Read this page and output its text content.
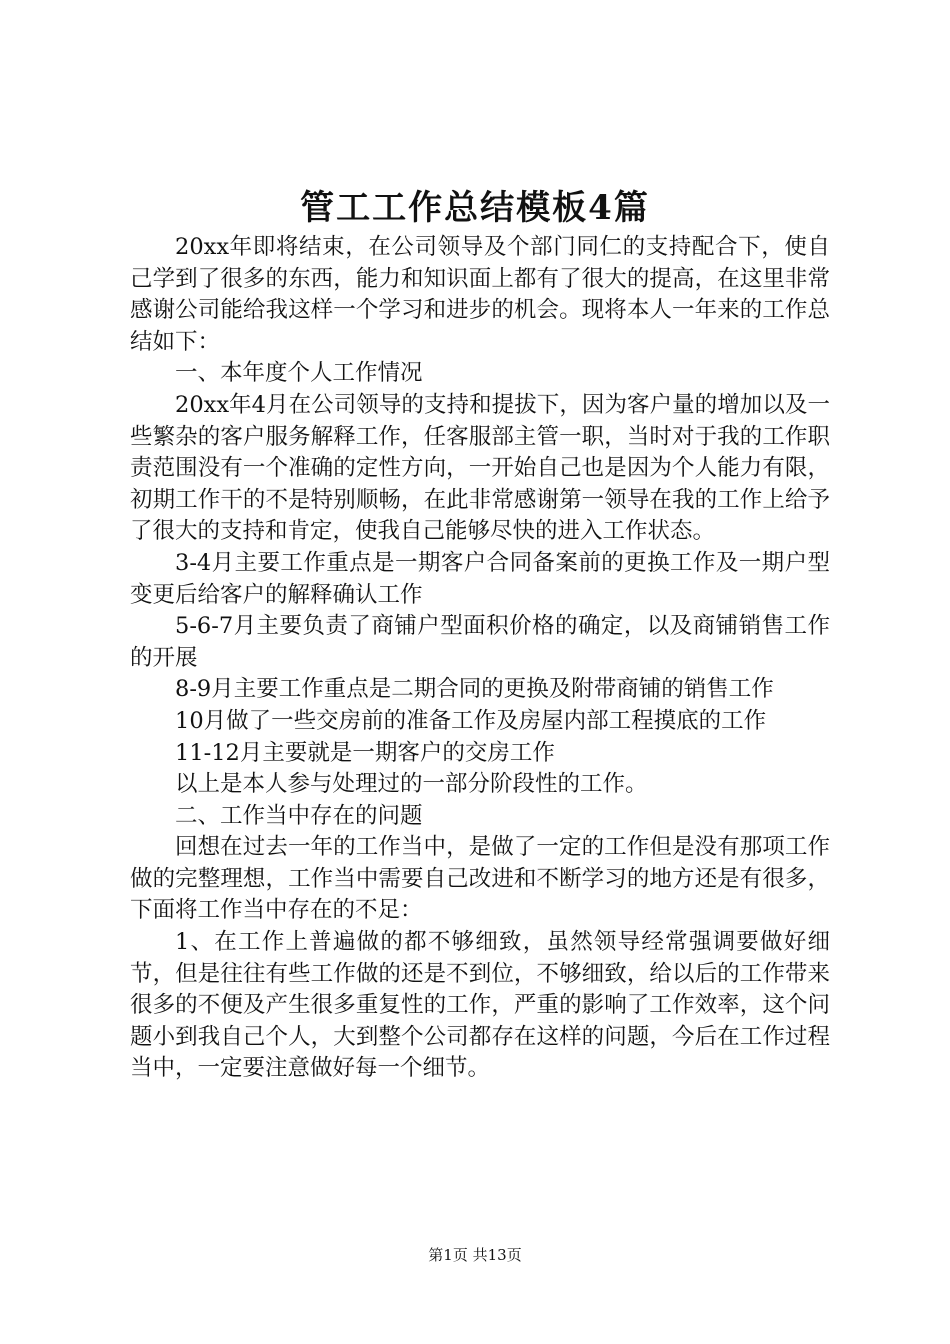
管工工作总结模板4篇

20xx年即将结束，在公司领导及个部门同仁的支持配合下，使自己学到了很多的东西，能力和知识面上都有了很大的提高，在这里非常感谢公司能给我这样一个学习和进步的机会。现将本人一年来的工作总结如下：

一、本年度个人工作情况

20xx年4月在公司领导的支持和提拔下，因为客户量的增加以及一些繁杂的客户服务解释工作，任客服部主管一职，当时对于我的工作职责范围没有一个准确的定性方向，一开始自己也是因为个人能力有限，初期工作干的不是特别顺畅，在此非常感谢第一领导在我的工作上给予了很大的支持和肯定，使我自己能够尽快的进入工作状态。

3-4月主要工作重点是一期客户合同备案前的更换工作及一期户型变更后给客户的解释确认工作

5-6-7月主要负责了商铺户型面积价格的确定，以及商铺销售工作的开展

8-9月主要工作重点是二期合同的更换及附带商铺的销售工作

10月做了一些交房前的准备工作及房屋内部工程摸底的工作

11-12月主要就是一期客户的交房工作

以上是本人参与处理过的一部分阶段性的工作。

二、工作当中存在的问题

回想在过去一年的工作当中，是做了一定的工作但是没有那项工作做的完整理想，工作当中需要自己改进和不断学习的地方还是有很多，下面将工作当中存在的不足：

1、在工作上普遍做的都不够细致，虽然领导经常强调要做好细节，但是往往有些工作做的还是不到位，不够细致，给以后的工作带来很多的不便及产生很多重复性的工作，严重的影响了工作效率，这个问题小到我自己个人，大到整个公司都存在这样的问题，今后在工作过程当中，一定要注意做好每一个细节。

第1页 共13页
